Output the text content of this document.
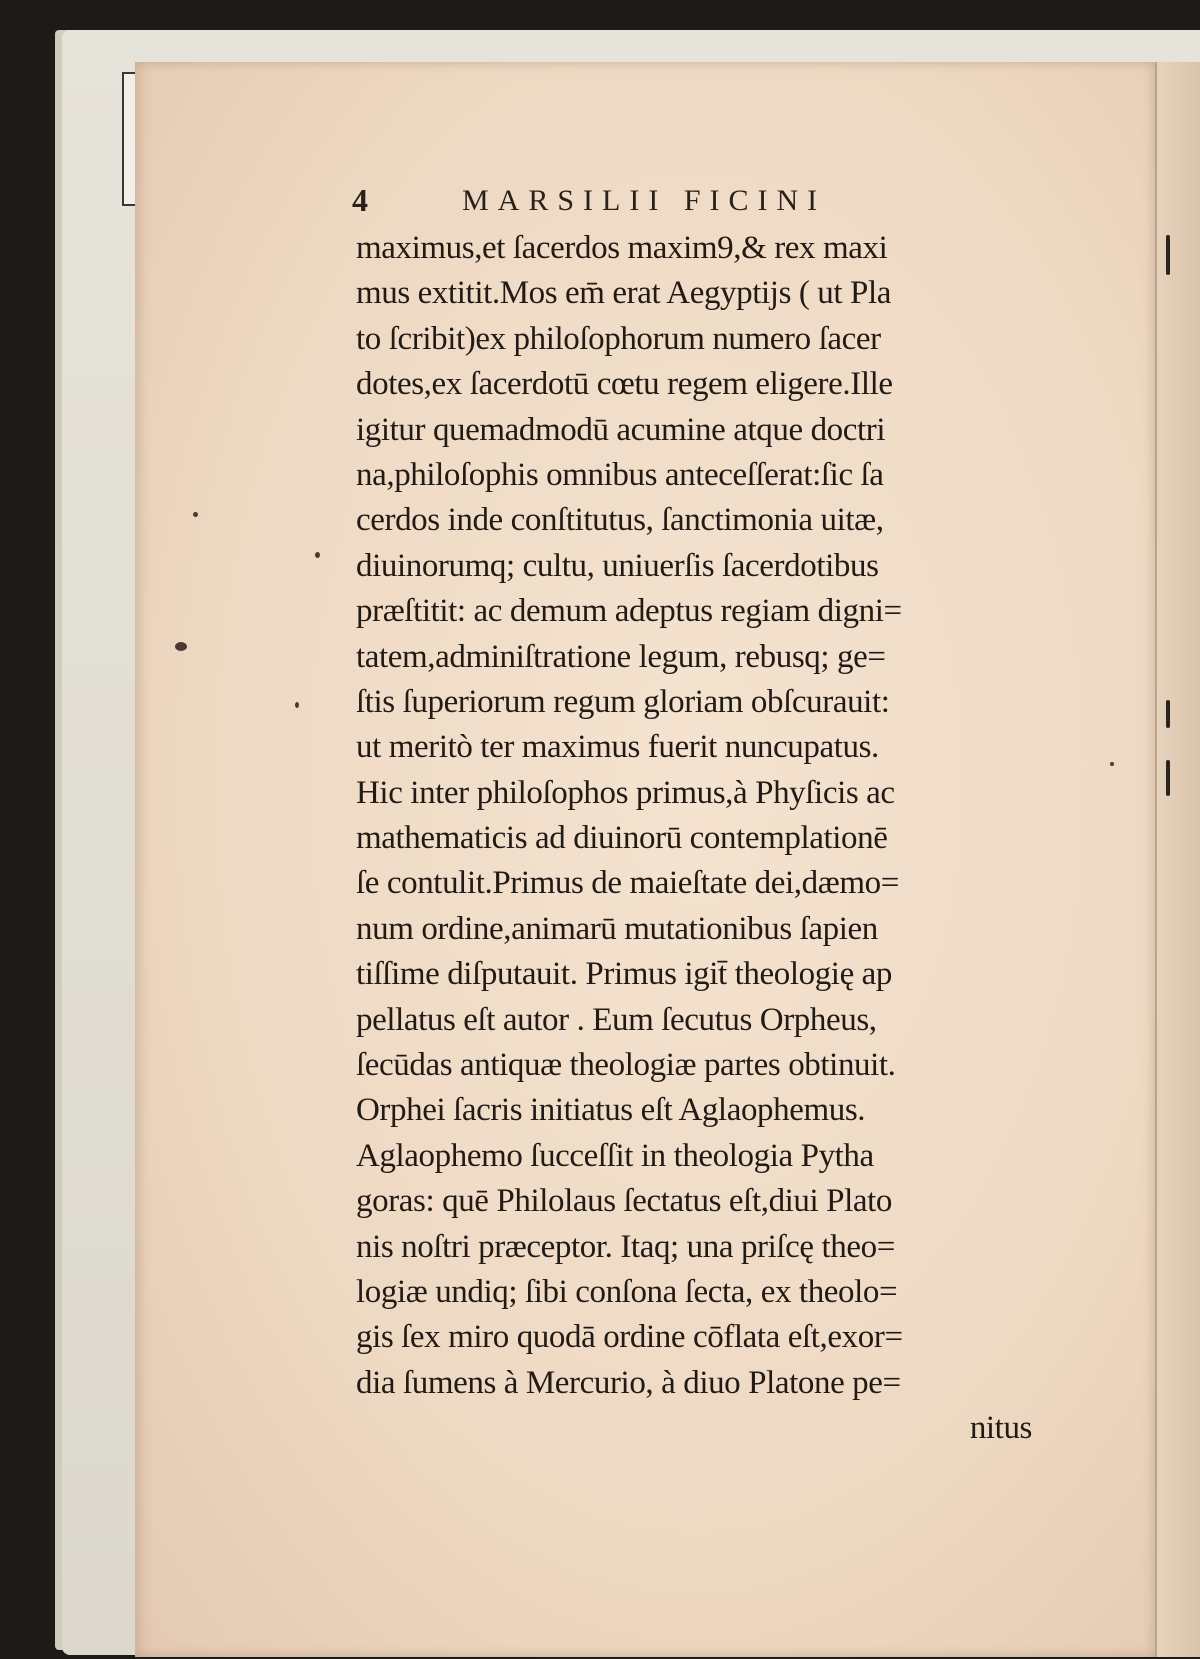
4	MARSILII FICINI
maximus,et ſacerdos maxim9,& rex maxi
mus extitit.Mos em̄ erat Aegyptijs ( ut Pla
to ſcribit)ex philoſophorum numero ſacer
dotes,ex ſacerdotū cœtu regem eligere.Ille
igitur quemadmodū acumine atque doctri
na,philoſophis omnibus anteceſſerat:ſic ſa
cerdos inde conſtitutus, ſanctimonia uitæ,
diuinorumq; cultu, uniuerſis ſacerdotibus
præſtitit: ac demum adeptus regiam digni=
tatem,adminiſtratione legum, rebusq; ge=
ſtis ſuperiorum regum gloriam obſcurauit:
ut meritò ter maximus fuerit nuncupatus.
Hic inter philoſophos primus,à Phyſicis ac
mathematicis ad diuinorū contemplationē
ſe contulit.Primus de maieſtate dei,dæmo=
num ordine,animarū mutationibus ſapien
tiſſime diſputauit. Primus igit̄ theologię ap
pellatus eſt autor . Eum ſecutus Orpheus,
ſecūdas antiquæ theologiæ partes obtinuit.
Orphei ſacris initiatus eſt Aglaophemus.
Aglaophemo ſucceſſit in theologia Pytha
goras: quē Philolaus ſectatus eſt,diui Plato
nis noſtri præceptor. Itaq; una priſcę theo=
logiæ undiq; ſibi conſona ſecta, ex theolo=
gis ſex miro quodā ordine cōflata eſt,exor=
dia ſumens à Mercurio, à diuo Platone pe=
nitus
